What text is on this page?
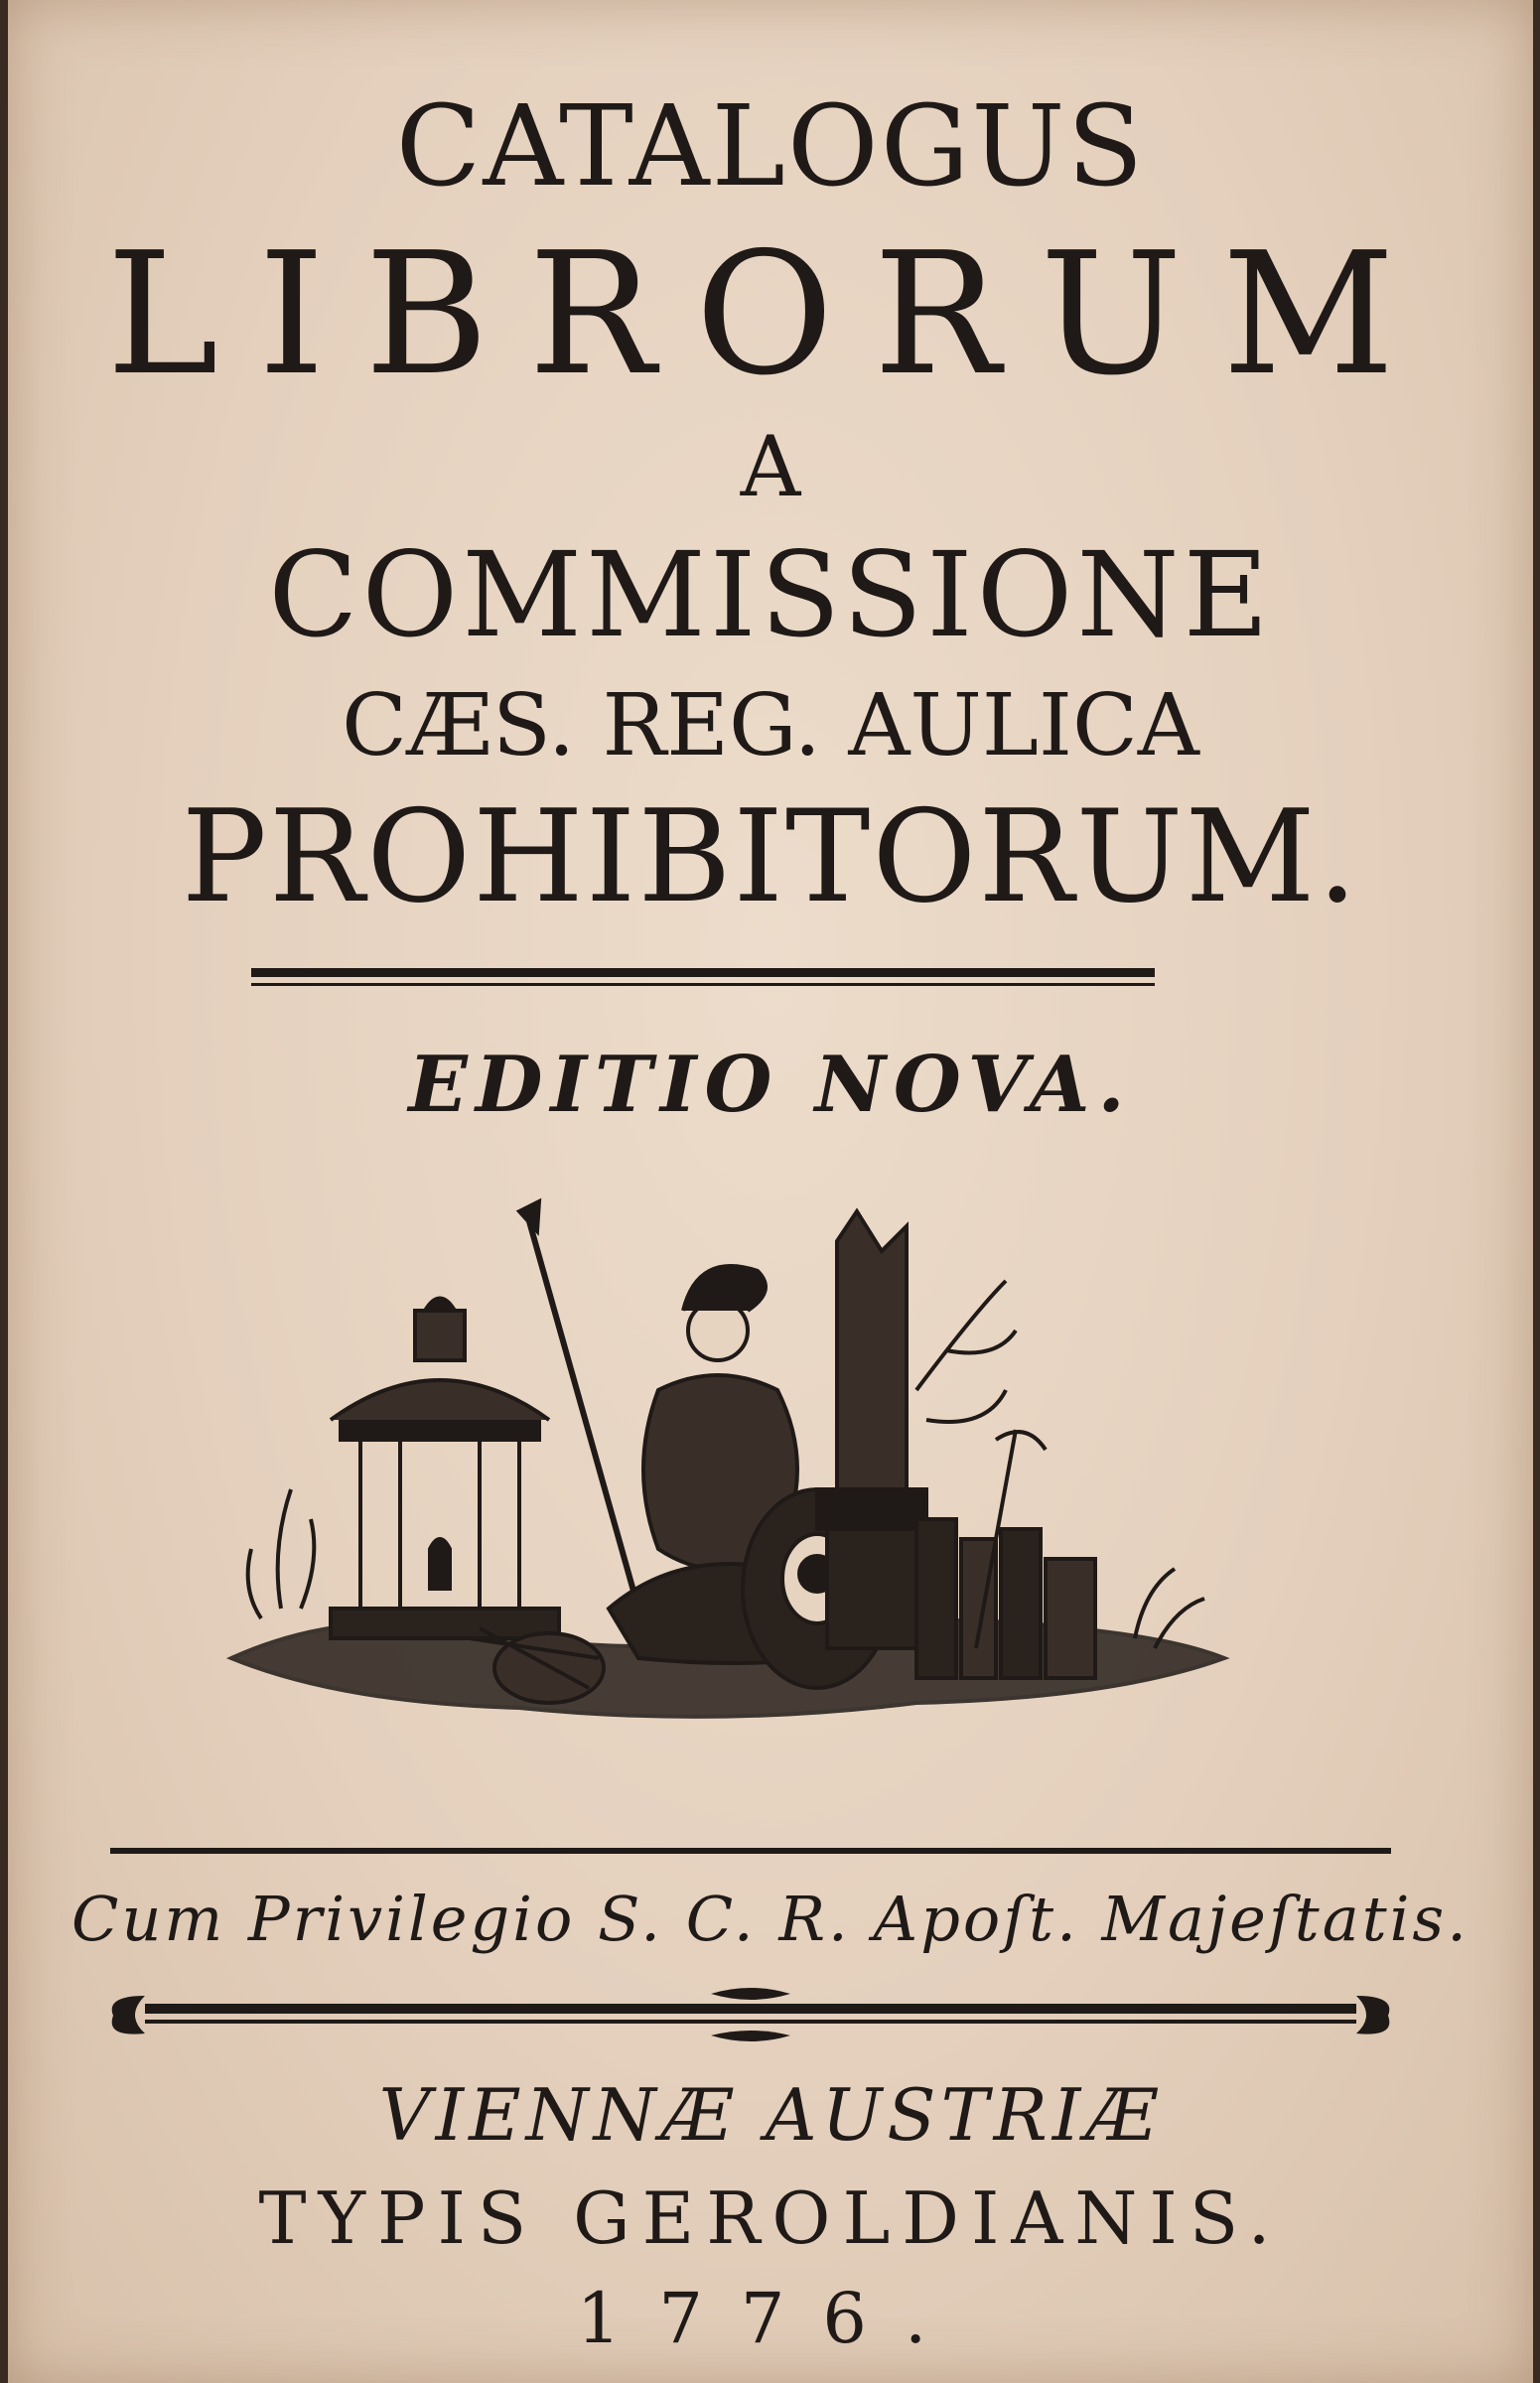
CATALOGUS
LIBRORUM
A
COMMISSIONE
CÆS. REG. AULICA
PROHIBITORUM.
EDITIO NOVA.
Cum Privilegio S. C. R. Apoſt. Majeſtatis.
VIENNÆ AUSTRIÆ
TYPIS GEROLDIANIS.
1776.
